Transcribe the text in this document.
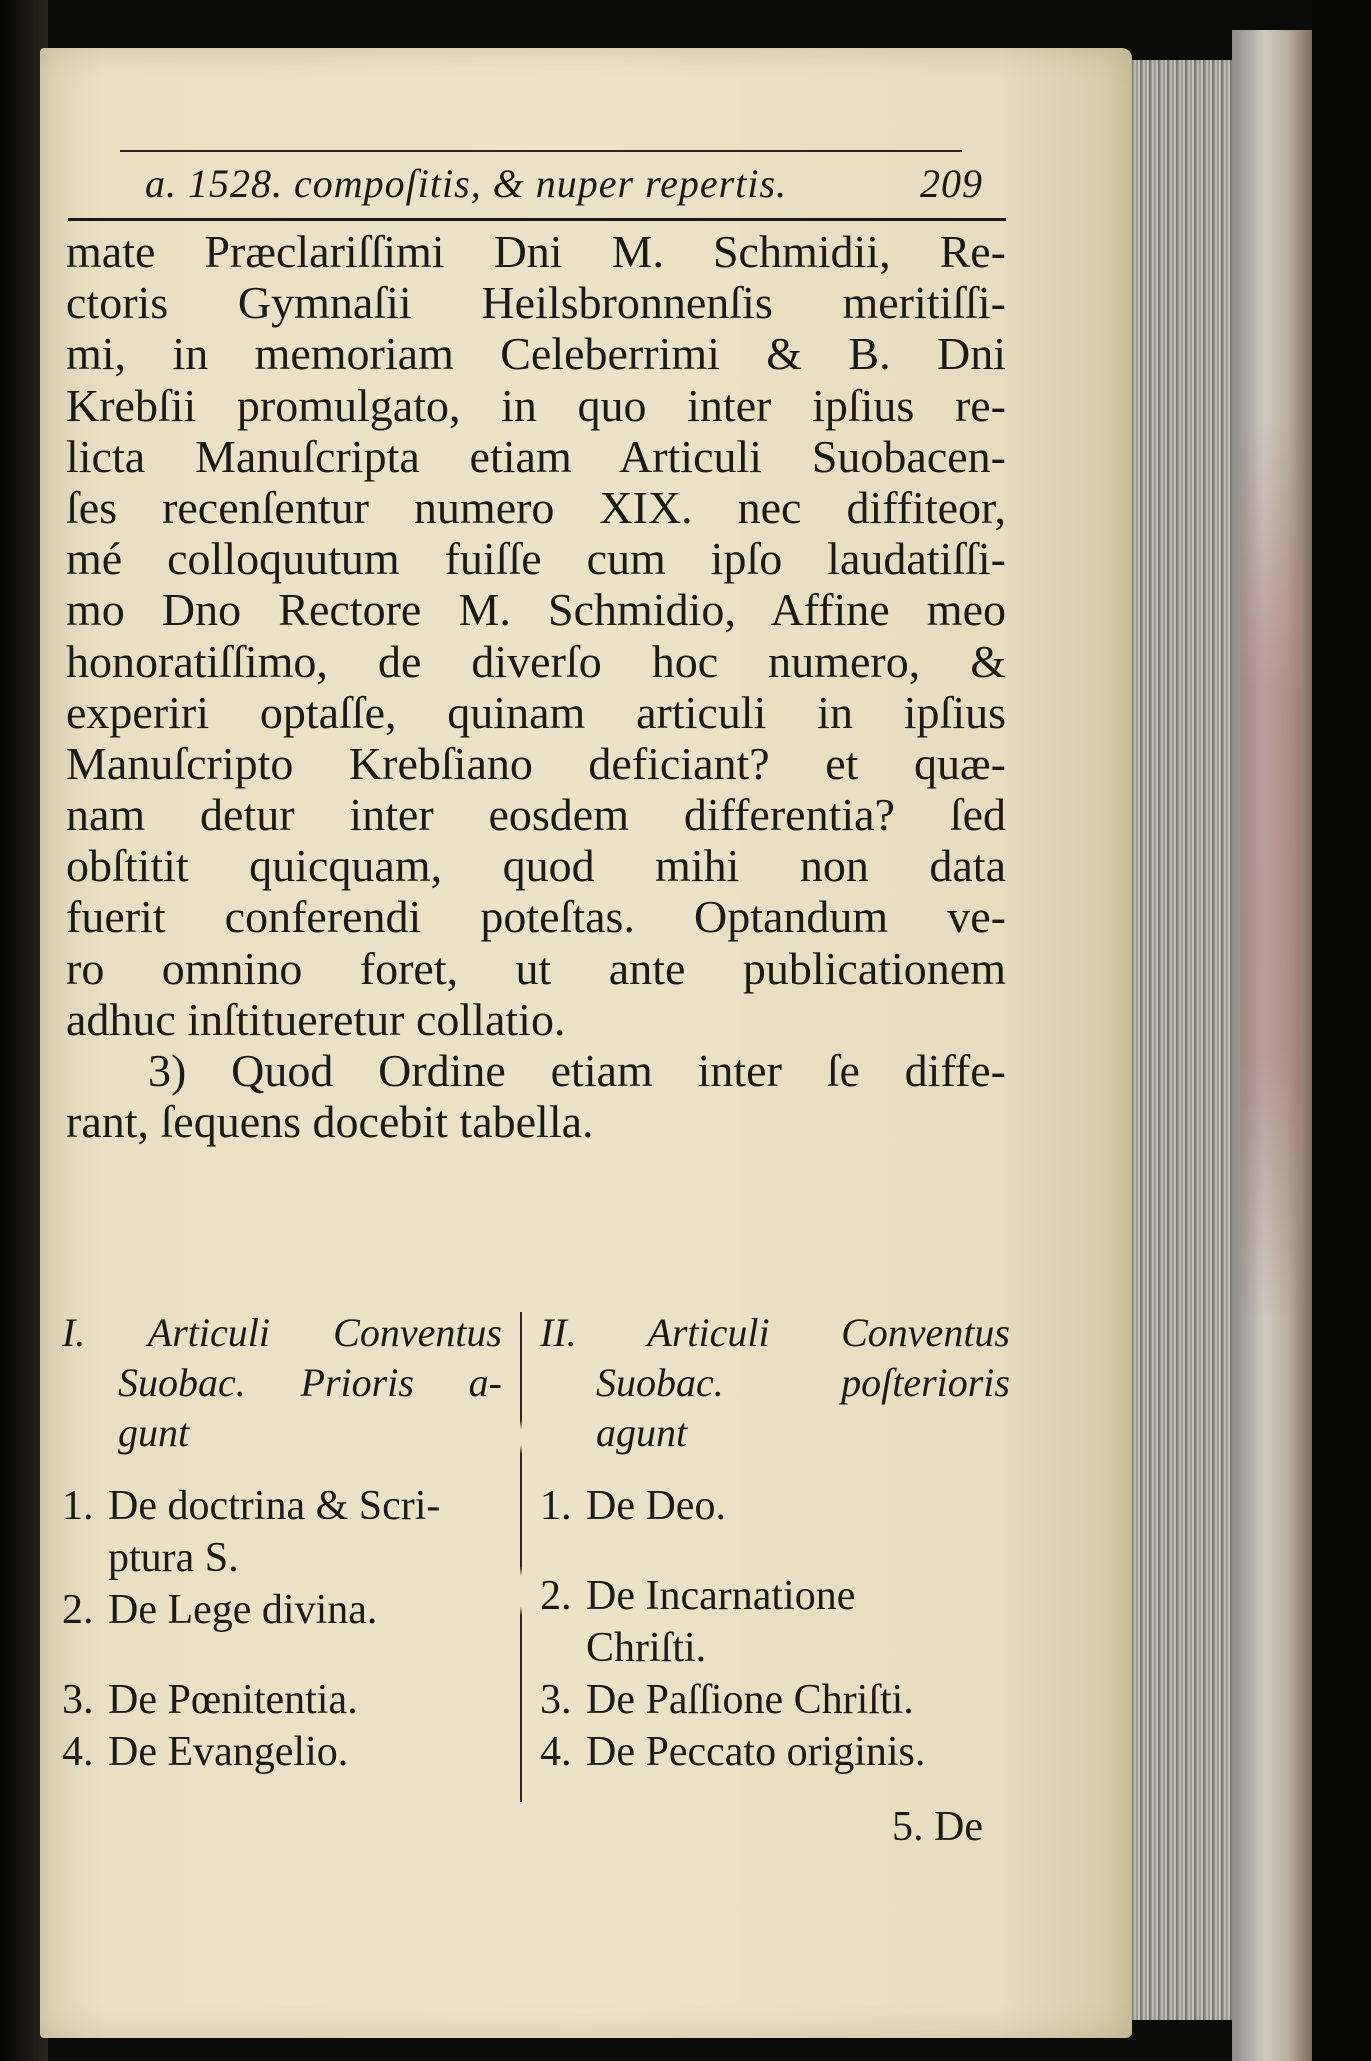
a. 1528. compoſitis, & nuper repertis.	209
mate Præclariſſimi Dni M. Schmidii, Re-
ctoris Gymnaſii Heilsbronnenſis meritiſſi-
mi, in memoriam Celeberrimi & B. Dni
Krebſii promulgato, in quo inter ipſius re-
licta Manuſcripta etiam Articuli Suobacen-
ſes recenſentur numero XIX. nec diffiteor,
mé colloquutum fuiſſe cum ipſo laudatiſſi-
mo Dno Rectore M. Schmidio, Affine meo
honoratiſſimo, de diverſo hoc numero, &
experiri optaſſe, quinam articuli in ipſius
Manuſcripto Krebſiano deficiant? et quæ-
nam detur inter eosdem differentia? ſed
obſtitit quicquam, quod mihi non data
fuerit conferendi poteſtas. Optandum ve-
ro omnino foret, ut ante publicationem
adhuc inſtitueretur collatio.
3) Quod Ordine etiam inter ſe diffe-
rant, ſequens docebit tabella.
I. Articuli Conventus
Suobac. Prioris a-
gunt
1. De doctrina & Scri-
ptura S.
2. De Lege divina.
3. De Pœnitentia.
4. De Evangelio.
II. Articuli Conventus
Suobac. poſterioris
agunt
1. De Deo.
2. De Incarnatione
Chriſti.
3. De Paſſione Chriſti.
4. De Peccato originis.
5. De
